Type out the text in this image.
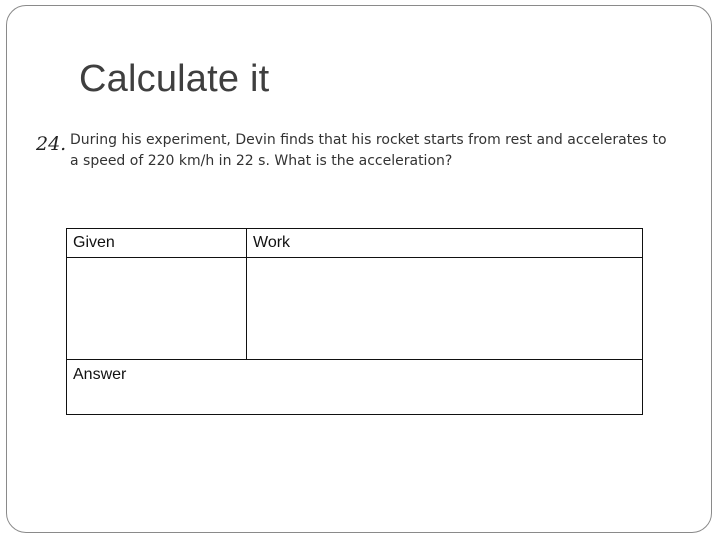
Calculate it
24. During his experiment, Devin finds that his rocket starts from rest and accelerates to a speed of 220 km/h in 22 s. What is the acceleration?
Given	Work
Answer
